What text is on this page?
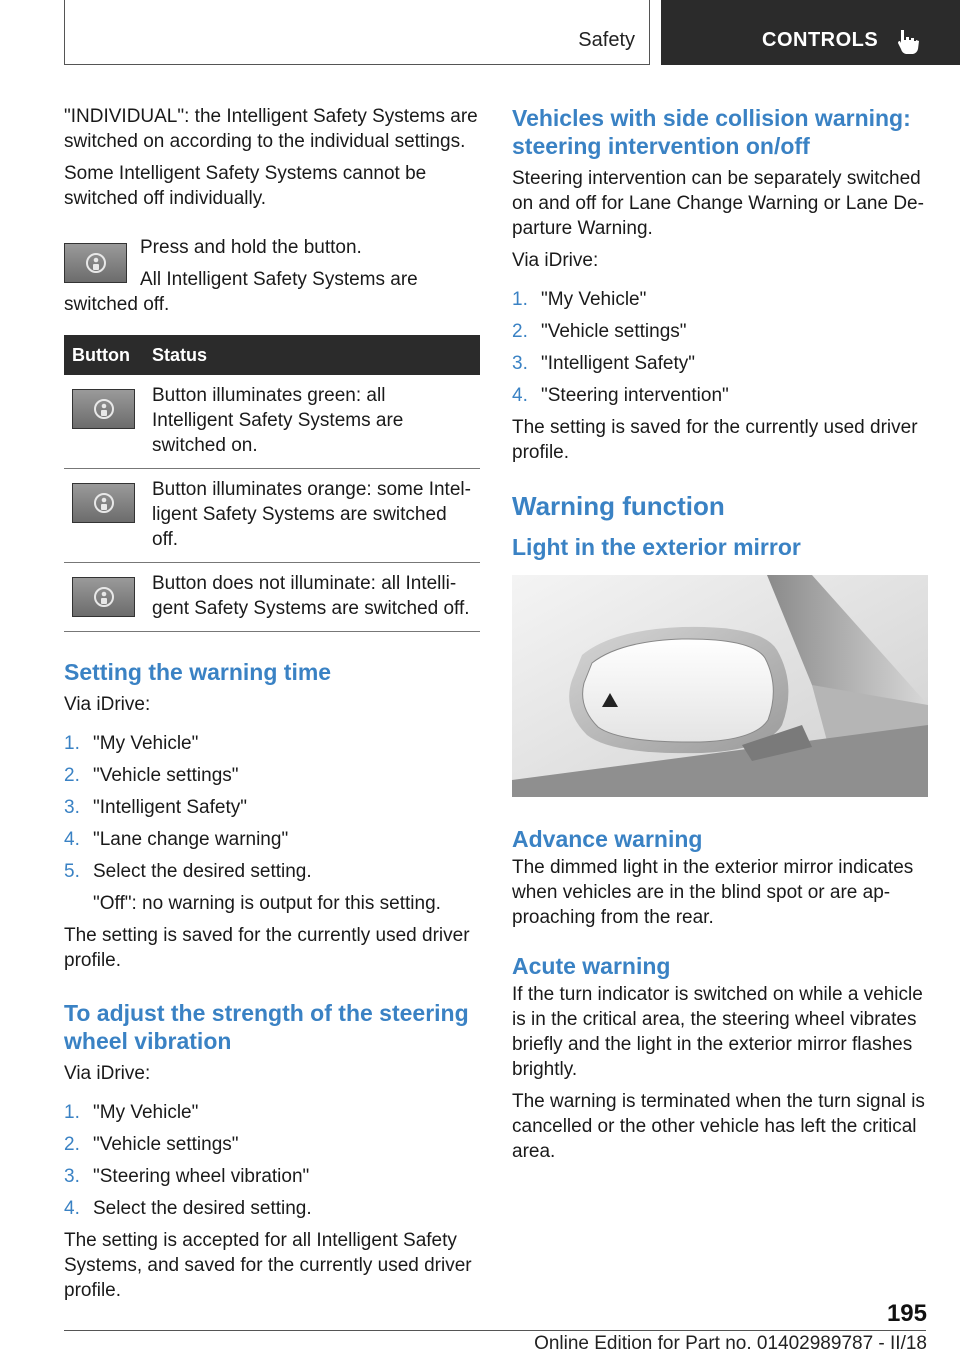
Safety	CONTROLS

"INDIVIDUAL": the Intelligent Safety Systems are switched on according to the individual settings.

Some Intelligent Safety Systems cannot be switched off individually.

Press and hold the button.

All Intelligent Safety Systems are

switched off.

Button	Status

	Button illuminates green: all Intelligent Safety Systems are switched on.

	Button illuminates orange: some Intelligent Safety Systems are switched off.

	Button does not illuminate: all Intelligent Safety Systems are switched off.
Setting the warning time

Via iDrive:

1. "My Vehicle"
2. "Vehicle settings"
3. "Intelligent Safety"
4. "Lane change warning"
5. Select the desired setting.

"Off": no warning is output for this setting.

The setting is saved for the currently used driver profile.

To adjust the strength of the steering wheel vibration

Via iDrive:

1. "My Vehicle"
2. "Vehicle settings"
3. "Steering wheel vibration"
4. Select the desired setting.

The setting is accepted for all Intelligent Safety Systems, and saved for the currently used driver profile.

Vehicles with side collision warning: steering intervention on/off

Steering intervention can be separately switched on and off for Lane Change Warning or Lane Departure Warning.

Via iDrive:

1. "My Vehicle"
2. "Vehicle settings"
3. "Intelligent Safety"
4. "Steering intervention"

The setting is saved for the currently used driver profile.

Warning function
Light in the exterior mirror
Advance warning

The dimmed light in the exterior mirror indicates when vehicles are in the blind spot or are approaching from the rear.

Acute warning

If the turn indicator is switched on while a vehicle is in the critical area, the steering wheel vibrates briefly and the light in the exterior mirror flashes brightly.

The warning is terminated when the turn signal is cancelled or the other vehicle has left the critical area.

195
Online Edition for Part no. 01402989787 - II/18
